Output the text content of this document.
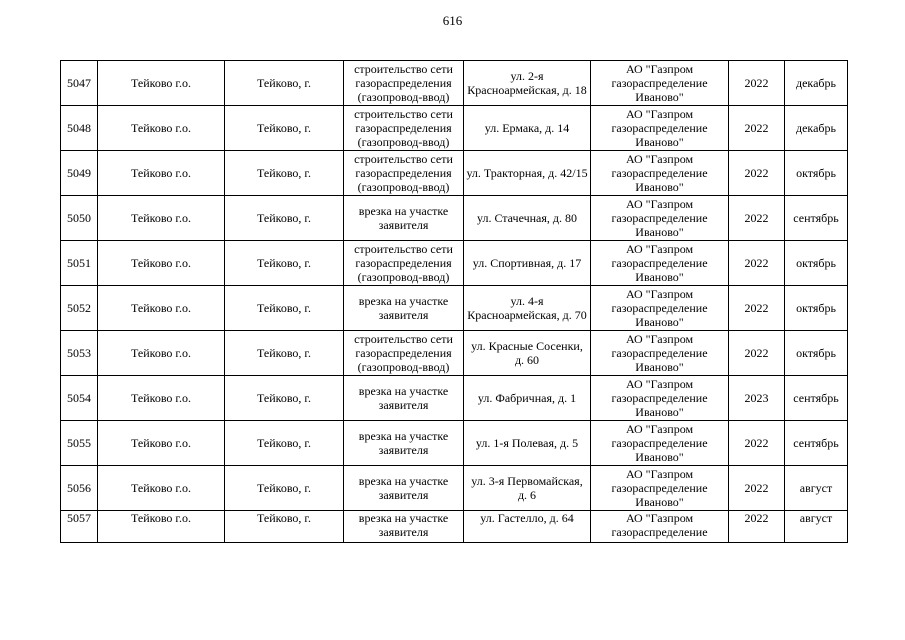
616
5047	Тейково г.о.	Тейково, г.	строительство сети газораспределения (газопровод-ввод)	ул. 2-я Красноармейская, д. 18	АО "Газпром газораспределение Иваново"	2022	декабрь
5048	Тейково г.о.	Тейково, г.	строительство сети газораспределения (газопровод-ввод)	ул. Ермака, д. 14	АО "Газпром газораспределение Иваново"	2022	декабрь
5049	Тейково г.о.	Тейково, г.	строительство сети газораспределения (газопровод-ввод)	ул. Тракторная, д. 42/15	АО "Газпром газораспределение Иваново"	2022	октябрь
5050	Тейково г.о.	Тейково, г.	врезка на участке заявителя	ул. Стачечная, д. 80	АО "Газпром газораспределение Иваново"	2022	сентябрь
5051	Тейково г.о.	Тейково, г.	строительство сети газораспределения (газопровод-ввод)	ул. Спортивная, д. 17	АО "Газпром газораспределение Иваново"	2022	октябрь
5052	Тейково г.о.	Тейково, г.	врезка на участке заявителя	ул. 4-я Красноармейская, д. 70	АО "Газпром газораспределение Иваново"	2022	октябрь
5053	Тейково г.о.	Тейково, г.	строительство сети газораспределения (газопровод-ввод)	ул. Красные Сосенки, д. 60	АО "Газпром газораспределение Иваново"	2022	октябрь
5054	Тейково г.о.	Тейково, г.	врезка на участке заявителя	ул. Фабричная, д. 1	АО "Газпром газораспределение Иваново"	2023	сентябрь
5055	Тейково г.о.	Тейково, г.	врезка на участке заявителя	ул. 1-я Полевая, д. 5	АО "Газпром газораспределение Иваново"	2022	сентябрь
5056	Тейково г.о.	Тейково, г.	врезка на участке заявителя	ул. 3-я Первомайская, д. 6	АО "Газпром газораспределение Иваново"	2022	август

5057	Тейково г.о.	Тейково, г.	врезка на участке заявителя	ул. Гастелло, д. 64	АО "Газпром газораспределение	2022	август
